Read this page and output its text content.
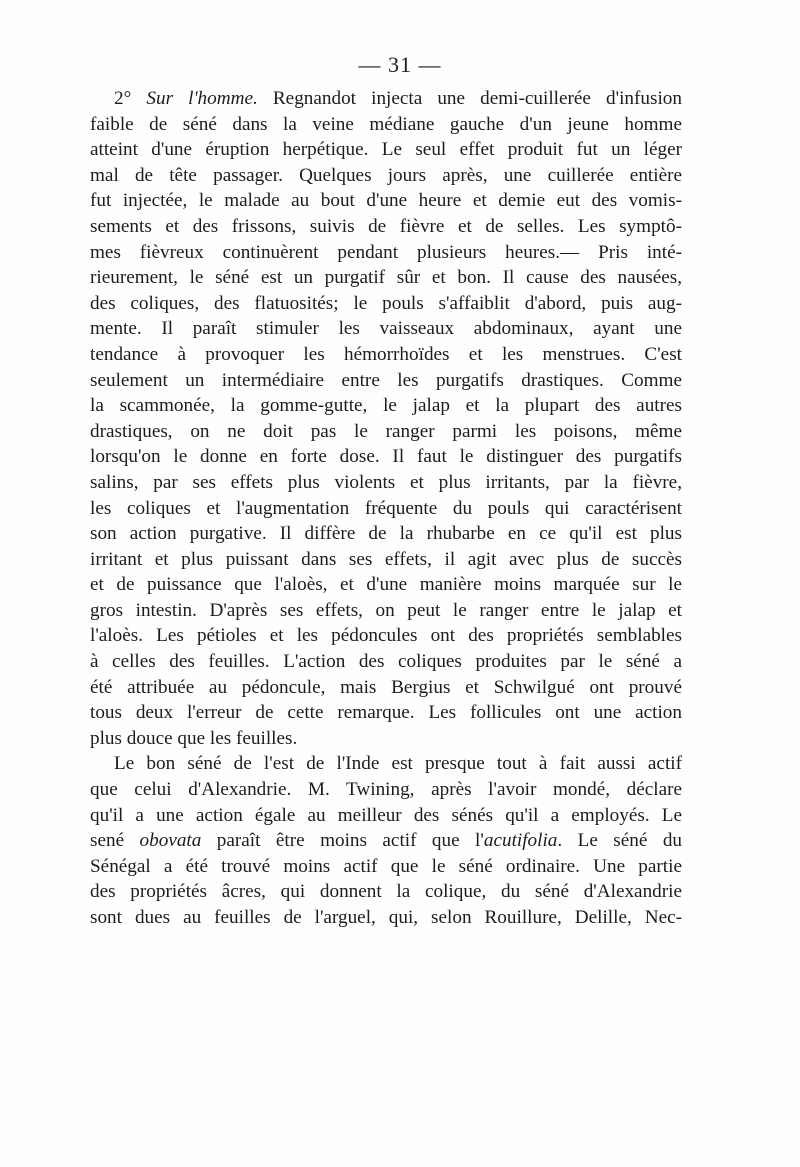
— 31 —
2° Sur l'homme. Regnandot injecta une demi-cuillerée d'infusion
faible de séné dans la veine médiane gauche d'un jeune homme
atteint d'une éruption herpétique. Le seul effet produit fut un léger
mal de tête passager. Quelques jours après, une cuillerée entière
fut injectée, le malade au bout d'une heure et demie eut des vomis-
sements et des frissons, suivis de fièvre et de selles. Les symptô-
mes fièvreux continuèrent pendant plusieurs heures.— Pris inté-
rieurement, le séné est un purgatif sûr et bon. Il cause des nausées,
des coliques, des flatuosités; le pouls s'affaiblit d'abord, puis aug-
mente. Il paraît stimuler les vaisseaux abdominaux, ayant une
tendance à provoquer les hémorrhoïdes et les menstrues. C'est
seulement un intermédiaire entre les purgatifs drastiques. Comme
la scammonée, la gomme-gutte, le jalap et la plupart des autres
drastiques, on ne doit pas le ranger parmi les poisons, même
lorsqu'on le donne en forte dose. Il faut le distinguer des purgatifs
salins, par ses effets plus violents et plus irritants, par la fièvre,
les coliques et l'augmentation fréquente du pouls qui caractérisent
son action purgative. Il diffère de la rhubarbe en ce qu'il est plus
irritant et plus puissant dans ses effets, il agit avec plus de succès
et de puissance que l'aloès, et d'une manière moins marquée sur le
gros intestin. D'après ses effets, on peut le ranger entre le jalap et
l'aloès. Les pétioles et les pédoncules ont des propriétés semblables
à celles des feuilles. L'action des coliques produites par le séné a
été attribuée au pédoncule, mais Bergius et Schwilgué ont prouvé
tous deux l'erreur de cette remarque. Les follicules ont une action
plus douce que les feuilles.
Le bon séné de l'est de l'Inde est presque tout à fait aussi actif
que celui d'Alexandrie. M. Twining, après l'avoir mondé, déclare
qu'il a une action égale au meilleur des sénés qu'il a employés. Le
sené obovata paraît être moins actif que l'acutifolia. Le séné du
Sénégal a été trouvé moins actif que le séné ordinaire. Une partie
des propriétés âcres, qui donnent la colique, du séné d'Alexandrie
sont dues au feuilles de l'arguel, qui, selon Rouillure, Delille, Nec-
